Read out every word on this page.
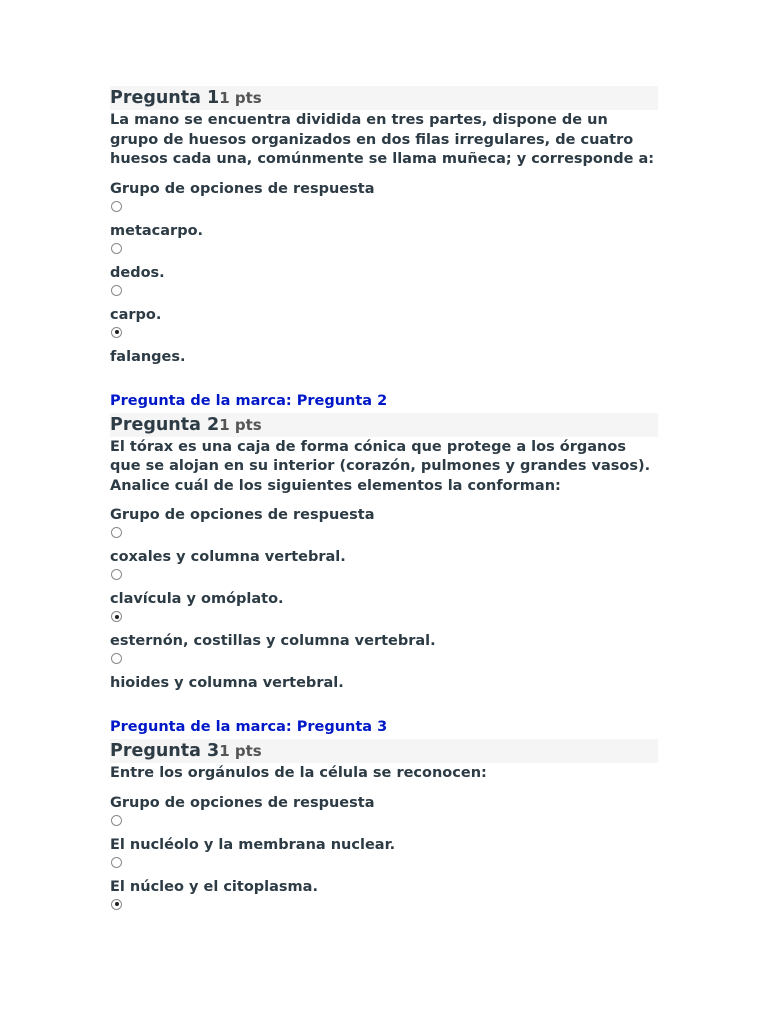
Pregunta 11 pts
La mano se encuentra dividida en tres partes, dispone de un grupo de huesos organizados en dos filas irregulares, de cuatro huesos cada una, comúnmente se llama muñeca; y corresponde a:
Grupo de opciones de respuesta
metacarpo.
dedos.
carpo.
falanges.
Pregunta de la marca: Pregunta 2
Pregunta 21 pts
El tórax es una caja de forma cónica que protege a los órganos que se alojan en su interior (corazón, pulmones y grandes vasos). Analice cuál de los siguientes elementos la conforman:
Grupo de opciones de respuesta
coxales y columna vertebral.
clavícula y omóplato.
esternón, costillas y columna vertebral.
hioides y columna vertebral.
Pregunta de la marca: Pregunta 3
Pregunta 31 pts
Entre los orgánulos de la célula se reconocen:
Grupo de opciones de respuesta
El nucléolo y la membrana nuclear.
El núcleo y el citoplasma.
